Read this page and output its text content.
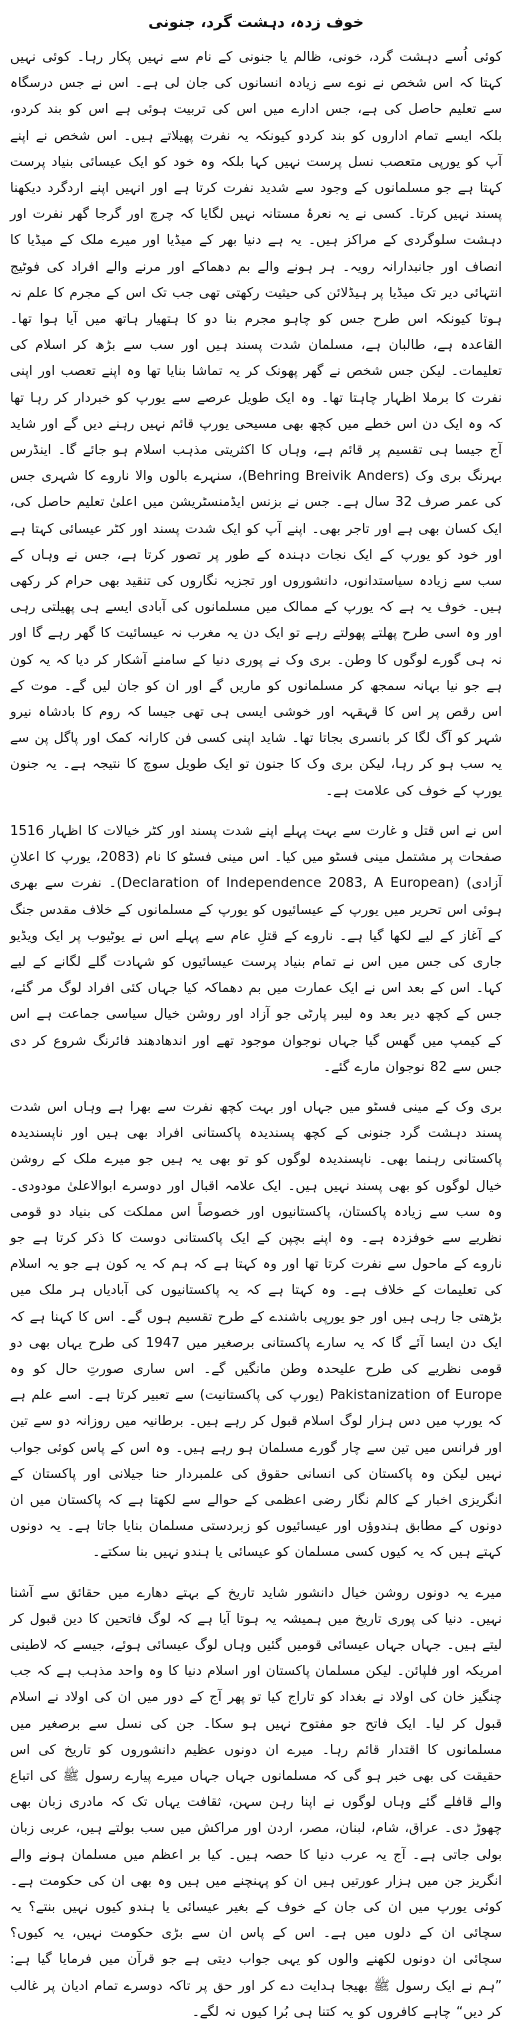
خوف زدہ، دہشت گرد، جنونی

کوئی اُسے دہشت گرد، خونی، ظالم یا جنونی کے نام سے نہیں پکار رہا۔ کوئی نہیں کہتا کہ اس شخص نے نوے سے زیادہ انسانوں کی جان لی ہے۔ اس نے جس درسگاہ سے تعلیم حاصل کی ہے، جس ادارے میں اس کی تربیت ہوئی ہے اس کو بند کردو، بلکہ ایسے تمام اداروں کو بند کردو کیونکہ یہ نفرت پھیلاتے ہیں۔ اس شخص نے اپنے آپ کو یورپی متعصب نسل پرست نہیں کہا بلکہ وہ خود کو ایک عیسائی بنیاد پرست کہتا ہے جو مسلمانوں کے وجود سے شدید نفرت کرتا ہے اور انہیں اپنے اردگرد دیکھنا پسند نہیں کرتا۔ کسی نے یہ نعرۂ مستانہ نہیں لگایا کہ چرچ اور گرجا گھر نفرت اور دہشت سلوگردی کے مراکز ہیں۔ یہ ہے دنیا بھر کے میڈیا اور میرے ملک کے میڈیا کا انصاف اور جانبدارانہ رویہ۔ ہر ہونے والے بم دھماکے اور مرنے والے افراد کی فوٹیج انتہائی دیر تک میڈیا پر ہیڈلائن کی حیثیت رکھتی تھی جب تک اس کے مجرم کا علم نہ ہوتا کیونکہ اس طرح جس کو چاہو مجرم بنا دو کا ہتھیار ہاتھ میں آیا ہوا تھا۔ القاعدہ ہے، طالبان ہے، مسلمان شدت پسند ہیں اور سب سے بڑھ کر اسلام کی تعلیمات۔ لیکن جس شخص نے گھر پھونک کر یہ تماشا بنایا تھا وہ اپنے تعصب اور اپنی نفرت کا برملا اظہار چاہتا تھا۔ وہ ایک طویل عرصے سے یورپ کو خبردار کر رہا تھا کہ وہ ایک دن اس خطے میں کچھ بھی مسیحی یورپ قائم نہیں رہنے دیں گے اور شاید آج جیسا ہی تقسیم پر قائم ہے، وہاں کا اکثریتی مذہب اسلام ہو جائے گا۔ اینڈرس بہرنگ بری وک (Behring Breivik Anders)، سنہرے بالوں والا ناروے کا شہری جس کی عمر صرف 32 سال ہے۔ جس نے بزنس ایڈمنسٹریشن میں اعلیٰ تعلیم حاصل کی، ایک کسان بھی ہے اور تاجر بھی۔ اپنے آپ کو ایک شدت پسند اور کٹر عیسائی کہتا ہے اور خود کو یورپ کے ایک نجات دہندہ کے طور پر تصور کرتا ہے، جس نے وہاں کے سب سے زیادہ سیاستدانوں، دانشوروں اور تجزیہ نگاروں کی تنقید بھی حرام کر رکھی ہیں۔ خوف یہ ہے کہ یورپ کے ممالک میں مسلمانوں کی آبادی ایسے ہی پھیلتی رہی اور وہ اسی طرح پھلتے پھولتے رہے تو ایک دن یہ مغرب نہ عیسائیت کا گھر رہے گا اور نہ ہی گورے لوگوں کا وطن۔ بری وک نے پوری دنیا کے سامنے آشکار کر دیا کہ یہ کون ہے جو نیا بہانہ سمجھ کر مسلمانوں کو ماریں گے اور ان کو جان لیں گے۔ موت کے اس رقص پر اس کا قہقہہ اور خوشی ایسی ہی تھی جیسا کہ روم کا بادشاہ نیرو شہر کو آگ لگا کر بانسری بجاتا تھا۔ شاید اپنی کسی فن کارانہ کمک اور پاگل پن سے یہ سب ہو کر رہا، لیکن بری وک کا جنون تو ایک طویل سوچ کا نتیجہ ہے۔ یہ جنون یورپ کے خوف کی علامت ہے۔

اس نے اس قتل و غارت سے بہت پہلے اپنے شدت پسند اور کٹر خیالات کا اظہار 1516 صفحات پر مشتمل مینی فسٹو میں کیا۔ اس مینی فسٹو کا نام (2083، یورپ کا اعلانِ آزادی) (Declaration of Independence 2083, A European)۔ نفرت سے بھری ہوئی اس تحریر میں یورپ کے عیسائیوں کو یورپ کے مسلمانوں کے خلاف مقدس جنگ کے آغاز کے لیے لکھا گیا ہے۔ ناروے کے قتلِ عام سے پہلے اس نے یوٹیوب پر ایک ویڈیو جاری کی جس میں اس نے تمام بنیاد پرست عیسائیوں کو شہادت گلے لگانے کے لیے کہا۔ اس کے بعد اس نے ایک عمارت میں بم دھماکہ کیا جہاں کئی افراد لوگ مر گئے، جس کے کچھ دیر بعد وہ لیبر پارٹی جو آزاد اور روشن خیال سیاسی جماعت ہے اس کے کیمپ میں گھس گیا جہاں نوجوان موجود تھے اور اندھادھند فائرنگ شروع کر دی جس سے 82 نوجوان مارے گئے۔

بری وک کے مینی فسٹو میں جہاں اور بہت کچھ نفرت سے بھرا ہے وہاں اس شدت پسند دہشت گرد جنونی کے کچھ پسندیدہ پاکستانی افراد بھی ہیں اور ناپسندیدہ پاکستانی رہنما بھی۔ ناپسندیدہ لوگوں کو تو بھی یہ ہیں جو میرے ملک کے روشن خیال لوگوں کو بھی پسند نہیں ہیں۔ ایک علامہ اقبال اور دوسرے ابوالاعلیٰ مودودی۔ وہ سب سے زیادہ پاکستان، پاکستانیوں اور خصوصاً اس مملکت کی بنیاد دو قومی نظریے سے خوفزدہ ہے۔ وہ اپنے بچپن کے ایک پاکستانی دوست کا ذکر کرتا ہے جو ناروے کے ماحول سے نفرت کرتا تھا اور وہ کہتا ہے کہ ہم کہ یہ کون ہے جو یہ اسلام کی تعلیمات کے خلاف ہے۔ وہ کہتا ہے کہ یہ پاکستانیوں کی آبادیاں ہر ملک میں بڑھتی جا رہی ہیں اور جو یورپی باشندے کے طرح تقسیم ہوں گے۔ اس کا کہنا ہے کہ ایک دن ایسا آئے گا کہ یہ سارے پاکستانی برصغیر میں 1947 کی طرح یہاں بھی دو قومی نظریے کی طرح علیحدہ وطن مانگیں گے۔ اس ساری صورتِ حال کو وہ Pakistanization of Europe (یورپ کی پاکستانیت) سے تعبیر کرتا ہے۔ اسے علم ہے کہ یورپ میں دس ہزار لوگ اسلام قبول کر رہے ہیں۔ برطانیہ میں روزانہ دو سے تین اور فرانس میں تین سے چار گورے مسلمان ہو رہے ہیں۔ وہ اس کے پاس کوئی جواب نہیں لیکن وہ پاکستان کی انسانی حقوق کی علمبردار حنا جیلانی اور پاکستان کے انگریزی اخبار کے کالم نگار رضی اعظمی کے حوالے سے لکھتا ہے کہ پاکستان میں ان دونوں کے مطابق ہندوؤں اور عیسائیوں کو زبردستی مسلمان بنایا جاتا ہے۔ یہ دونوں کہتے ہیں کہ یہ کیوں کسی مسلمان کو عیسائی یا ہندو نہیں بنا سکتے۔

میرے یہ دونوں روشن خیال دانشور شاید تاریخ کے بہتے دھارے میں حقائق سے آشنا نہیں۔ دنیا کی پوری تاریخ میں ہمیشہ یہ ہوتا آیا ہے کہ لوگ فاتحین کا دین قبول کر لیتے ہیں۔ جہاں جہاں عیسائی قومیں گئیں وہاں لوگ عیسائی ہوئے، جیسے کہ لاطینی امریکہ اور فلپائن۔ لیکن مسلمان پاکستان اور اسلام دنیا کا وہ واحد مذہب ہے کہ جب چنگیز خان کی اولاد نے بغداد کو تاراج کیا تو پھر آج کے دور میں ان کی اولاد نے اسلام قبول کر لیا۔ ایک فاتح جو مفتوح نہیں ہو سکا۔ جن کی نسل سے برصغیر میں مسلمانوں کا اقتدار قائم رہا۔ میرے ان دونوں عظیم دانشوروں کو تاریخ کی اس حقیقت کی بھی خبر ہو گی کہ مسلمانوں جہاں جہاں میرے پیارے رسول ﷺ کی اتباع والے قافلے گئے وہاں لوگوں نے اپنا رہن سہن، ثقافت یہاں تک کہ مادری زبان بھی چھوڑ دی۔ عراق، شام، لبنان، مصر، اردن اور مراکش میں سب بولتے ہیں، عربی زبان بولی جاتی ہے۔ آج یہ عرب دنیا کا حصہ ہیں۔ کیا بر اعظم میں مسلمان ہونے والے انگریز جن میں ہزار عورتیں ہیں ان کو پہنچنے میں ہیں وہ بھی ان کی حکومت ہے۔ کوئی یورپ میں ان کی جان کے خوف کے بغیر عیسائی یا ہندو کیوں نہیں بنتے؟ یہ سچائی ان کے دلوں میں ہے۔ اس کے پاس ان سے بڑی حکومت نہیں، یہ کیوں؟ سچائی ان دونوں لکھنے والوں کو یہی جواب دیتی ہے جو قرآن میں فرمایا گیا ہے: ”ہم نے ایک رسول ﷺ بھیجا ہدایت دے کر اور حق پر تاکہ دوسرے تمام ادیان پر غالب کر دیں“ چاہے کافروں کو یہ کتنا ہی بُرا کیوں نہ لگے۔
